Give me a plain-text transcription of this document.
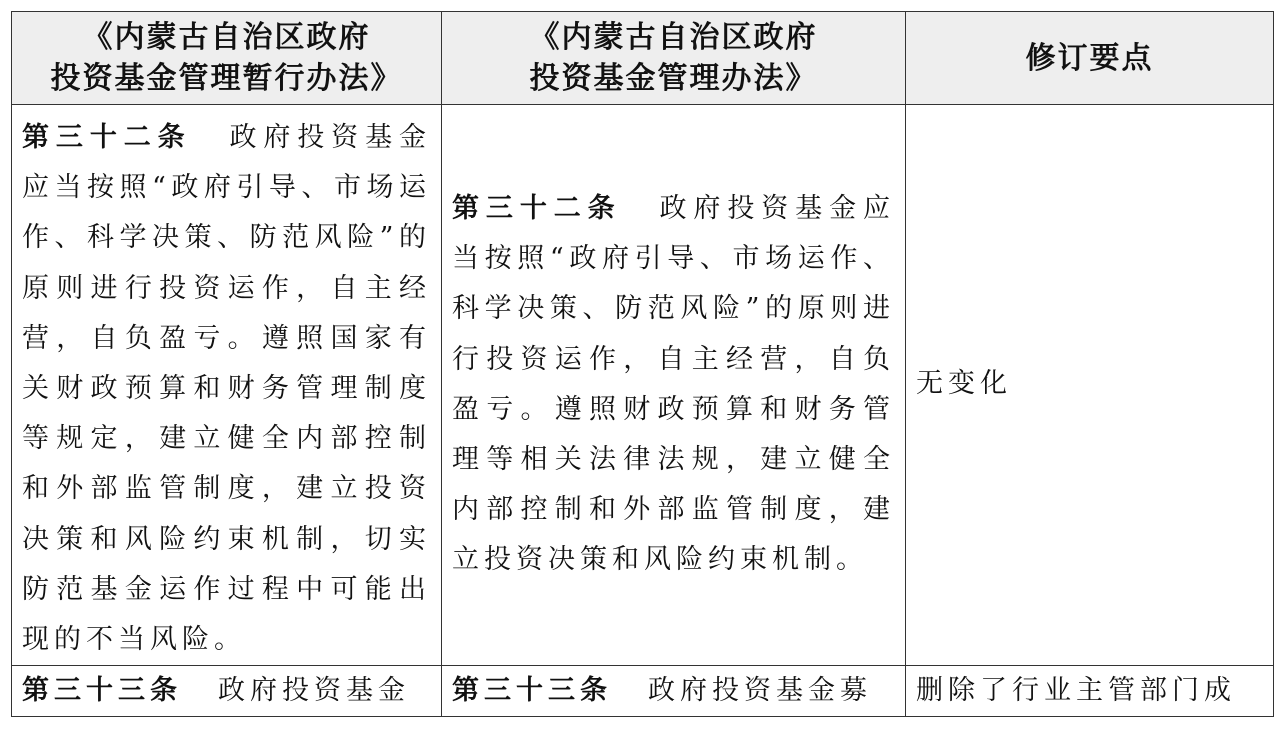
《内蒙古自治区政府
投资基金管理暂行办法》	《内蒙古自治区政府
投资基金管理办法》	修订要点

第三十二条 政府投资基金应当按照“政府引导、市场运作、科学决策、防范风险”的原则进行投资运作，自主经营，自负盈亏。遵照国家有关财政预算和财务管理制度等规定，建立健全内部控制和外部监管制度，建立投资决策和风险约束机制，切实防范基金运作过程中可能出现的不当风险。	第三十二条 政府投资基金应当按照“政府引导、市场运作、科学决策、防范风险”的原则进行投资运作，自主经营，自负盈亏。遵照财政预算和财务管理等相关法律法规，建立健全内部控制和外部监管制度，建立投资决策和风险约束机制。	无变化

第三十三条 政府投资基金	第三十三条 政府投资基金募	删除了行业主管部门成
